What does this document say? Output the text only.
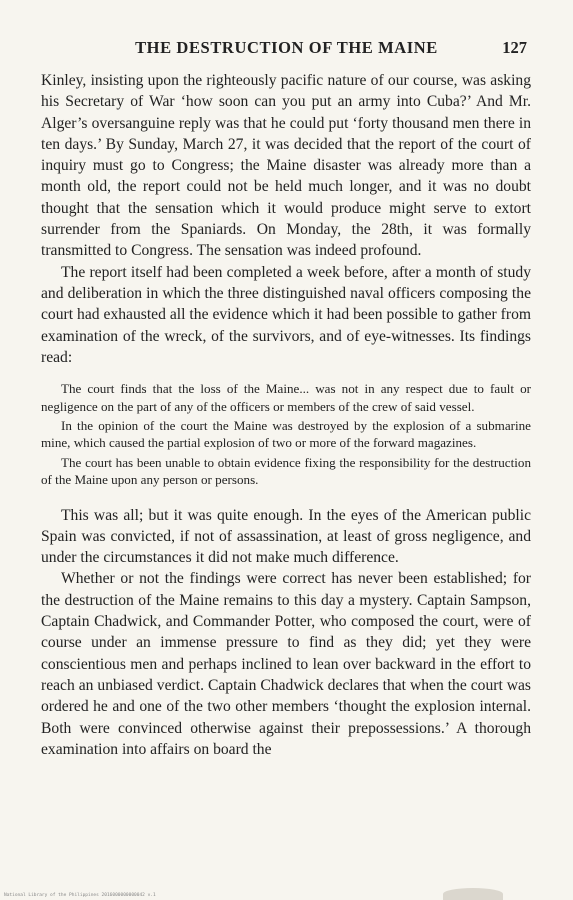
THE DESTRUCTION OF THE MAINE	127

Kinley, insisting upon the righteously pacific nature of our course, was asking his Secretary of War ‘how soon can you put an army into Cuba?’ And Mr. Alger’s oversanguine reply was that he could put ‘forty thousand men there in ten days.’ By Sunday, March 27, it was decided that the report of the court of inquiry must go to Congress; the Maine disaster was already more than a month old, the report could not be held much longer, and it was no doubt thought that the sensation which it would produce might serve to extort surrender from the Spaniards. On Monday, the 28th, it was formally transmitted to Congress. The sensation was indeed profound.

The report itself had been completed a week before, after a month of study and deliberation in which the three distinguished naval officers composing the court had exhausted all the evidence which it had been possible to gather from examination of the wreck, of the survivors, and of eye-witnesses. Its findings read:

The court finds that the loss of the Maine... was not in any respect due to fault or negligence on the part of any of the officers or members of the crew of said vessel.

In the opinion of the court the Maine was destroyed by the explosion of a submarine mine, which caused the partial explosion of two or more of the forward magazines.

The court has been unable to obtain evidence fixing the responsibility for the destruction of the Maine upon any person or persons.

This was all; but it was quite enough. In the eyes of the American public Spain was convicted, if not of assassination, at least of gross negligence, and under the circumstances it did not make much difference.

Whether or not the findings were correct has never been established; for the destruction of the Maine remains to this day a mystery. Captain Sampson, Captain Chadwick, and Commander Potter, who composed the court, were of course under an immense pressure to find as they did; yet they were conscientious men and perhaps inclined to lean over backward in the effort to reach an unbiased verdict. Captain Chadwick declares that when the court was ordered he and one of the two other members ‘thought the explosion internal. Both were convinced otherwise against their prepossessions.’ A thorough examination into affairs on board the

National Library of the Philippines 2016000000000042 v.1
